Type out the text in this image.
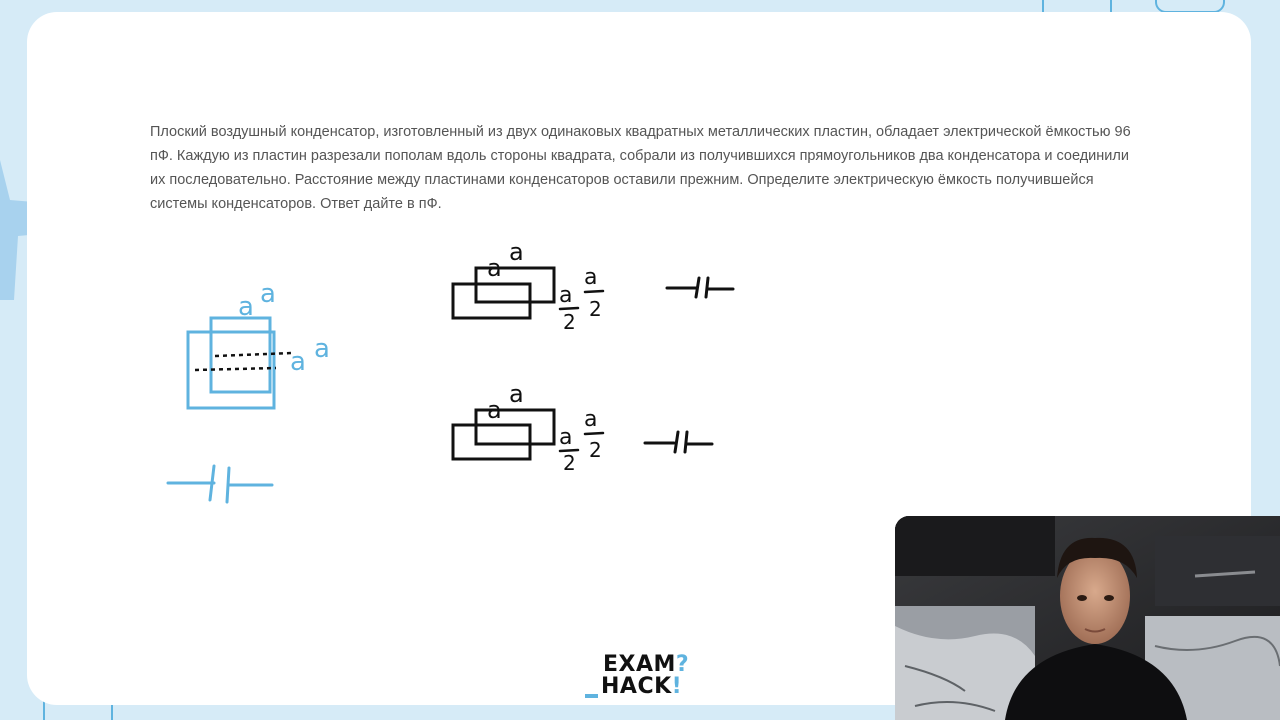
Плоский воздушный конденсатор, изготовленный из двух одинаковых квадратных металлических пластин, обладает электрической ёмкостью 96 пФ. Каждую из пластин разрезали пополам вдоль стороны квадрата, собрали из получившихся прямоугольников два конденсатора и соединили их последовательно. Расстояние между пластинами конденсаторов оставили прежним. Определите электрическую ёмкость получившейся системы конденсаторов. Ответ дайте в пФ.
a a
a a
a
a
a
2
a
2
a
a
a
2
a
2
EXAM?
HACK!
